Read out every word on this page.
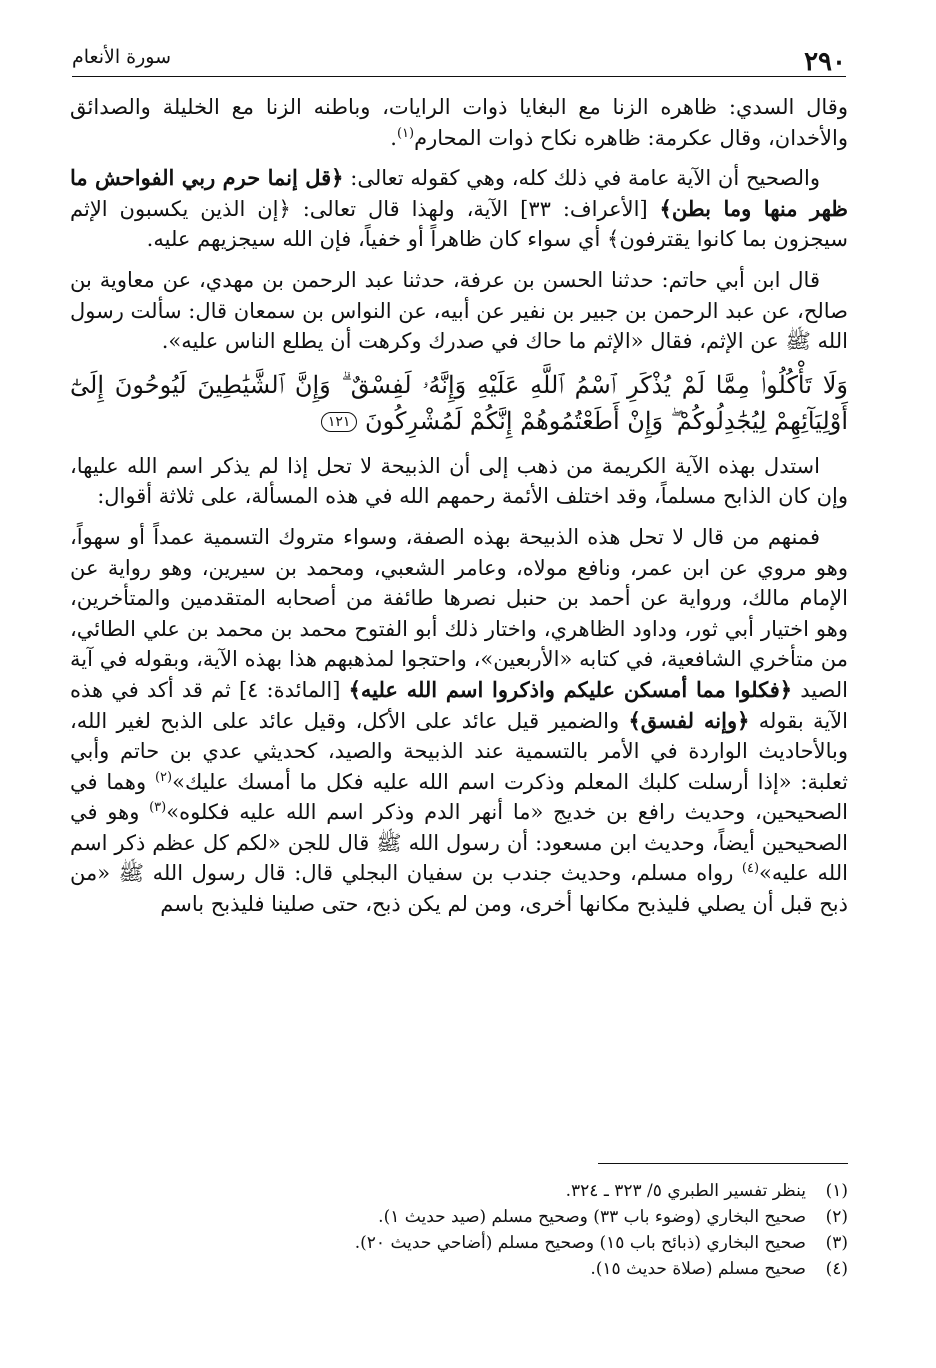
٢٩٠
سورة الأنعام

وقال السدي: ظاهره الزنا مع البغايا ذوات الرايات، وباطنه الزنا مع الخليلة والصدائق والأخدان، وقال عكرمة: ظاهره نكاح ذوات المحارم$^{(١)}$.

والصحيح أن الآية عامة في ذلك كله، وهي كقوله تعالى: ﴿قل إنما حرم ربي الفواحش ما ظهر منها وما بطن﴾ [الأعراف: ٣٣] الآية، ولهذا قال تعالى: ﴿إن الذين يكسبون الإثم سيجزون بما كانوا يقترفون﴾ أي سواء كان ظاهراً أو خفياً، فإن الله سيجزيهم عليه.

قال ابن أبي حاتم: حدثنا الحسن بن عرفة، حدثنا عبد الرحمن بن مهدي، عن معاوية بن صالح، عن عبد الرحمن بن جبير بن نفير عن أبيه، عن النواس بن سمعان قال: سألت رسول الله ﷺ عن الإثم، فقال «الإثم ما حاك في صدرك وكرهت أن يطلع الناس عليه».

وَلَا تَأْكُلُوا۟ مِمَّا لَمْ يُذْكَرِ ٱسْمُ ٱللَّهِ عَلَيْهِ وَإِنَّهُۥ لَفِسْقٌ ۗ وَإِنَّ ٱلشَّيَٰطِينَ لَيُوحُونَ إِلَىٰٓ أَوْلِيَآئِهِمْ لِيُجَٰدِلُوكُمْ ۖ وَإِنْ أَطَعْتُمُوهُمْ إِنَّكُمْ لَمُشْرِكُونَ ١٢١

استدل بهذه الآية الكريمة من ذهب إلى أن الذبيحة لا تحل إذا لم يذكر اسم الله عليها، وإن كان الذابح مسلماً، وقد اختلف الأئمة رحمهم الله في هذه المسألة، على ثلاثة أقوال:

فمنهم من قال لا تحل هذه الذبيحة بهذه الصفة، وسواء متروك التسمية عمداً أو سهواً، وهو مروي عن ابن عمر، ونافع مولاه، وعامر الشعبي، ومحمد بن سيرين، وهو رواية عن الإمام مالك، ورواية عن أحمد بن حنبل نصرها طائفة من أصحابه المتقدمين والمتأخرين، وهو اختيار أبي ثور، وداود الظاهري، واختار ذلك أبو الفتوح محمد بن محمد بن علي الطائي، من متأخري الشافعية، في كتابه «الأربعين»، واحتجوا لمذهبهم هذا بهذه الآية، وبقوله في آية الصيد ﴿فكلوا مما أمسكن عليكم واذكروا اسم الله عليه﴾ [المائدة: ٤] ثم قد أكد في هذه الآية بقوله ﴿وإنه لفسق﴾ والضمير قيل عائد على الأكل، وقيل عائد على الذبح لغير الله، وبالأحاديث الواردة في الأمر بالتسمية عند الذبيحة والصيد، كحديثي عدي بن حاتم وأبي ثعلبة: «إذا أرسلت كلبك المعلم وذكرت اسم الله عليه فكل ما أمسك عليك»$^{(٢)}$ وهما في الصحيحين، وحديث رافع بن خديج «ما أنهر الدم وذكر اسم الله عليه فكلوه»$^{(٣)}$ وهو في الصحيحين أيضاً، وحديث ابن مسعود: أن رسول الله ﷺ قال للجن «لكم كل عظم ذكر اسم الله عليه»$^{(٤)}$ رواه مسلم، وحديث جندب بن سفيان البجلي قال: قال رسول الله ﷺ «من ذبح قبل أن يصلي فليذبح مكانها أخرى، ومن لم يكن ذبح، حتى صلينا فليذبح باسم

(١)ينظر تفسير الطبري ٥/ ٣٢٣ ـ ٣٢٤.

(٢)صحيح البخاري (وضوء باب ٣٣) وصحيح مسلم (صيد حديث ١).

(٣)صحيح البخاري (ذبائح باب ١٥) وصحيح مسلم (أضاحي حديث ٢٠).

(٤)صحيح مسلم (صلاة حديث ١٥).
